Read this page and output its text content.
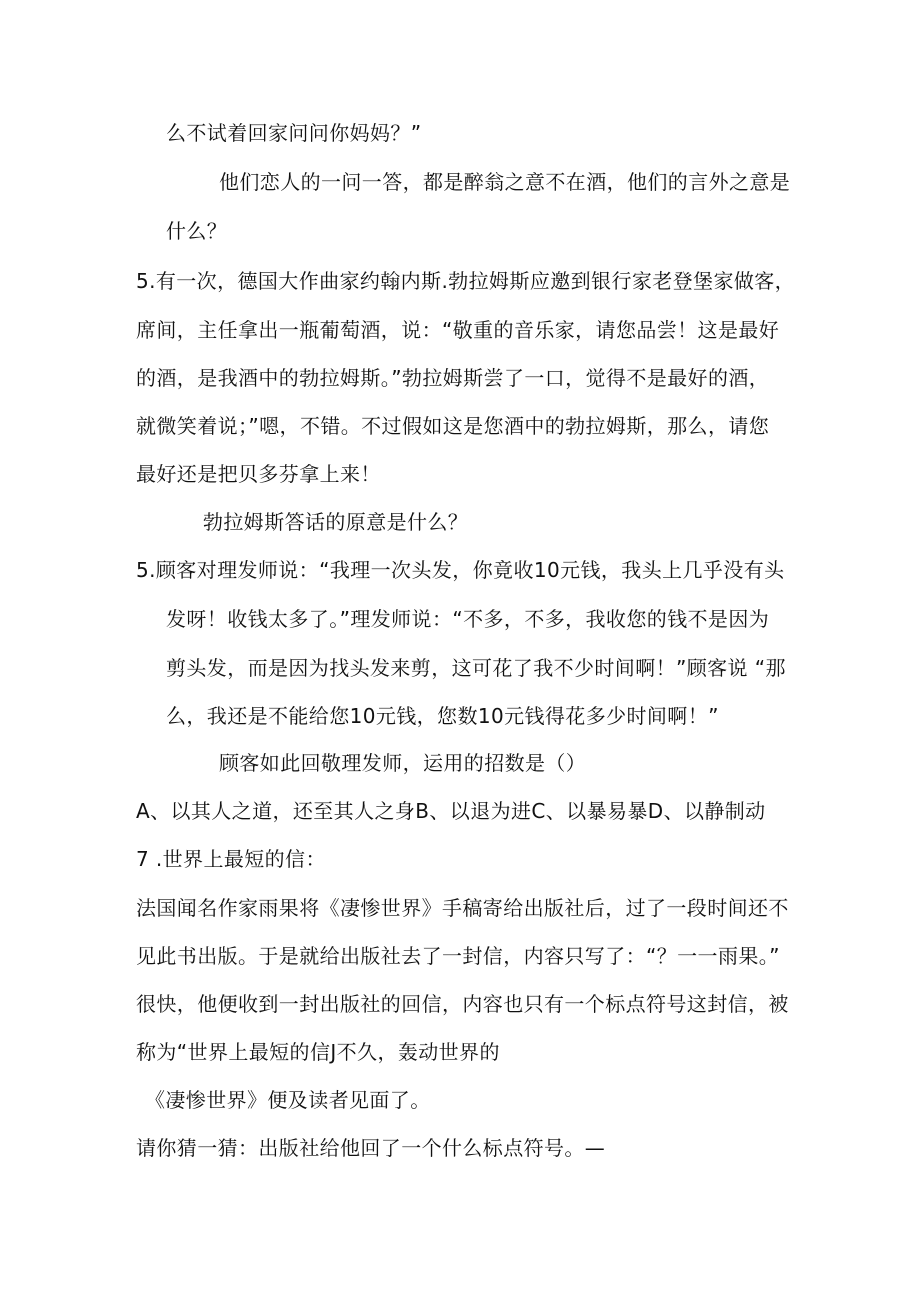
么不试着回家问问你妈妈？”
他们恋人的一问一答，都是醉翁之意不在酒，他们的言外之意是
什么？
5.有一次，德国大作曲家约翰内斯.勃拉姆斯应邀到银行家老登堡家做客，
席间，主任拿出一瓶葡萄酒，说：“敬重的音乐家，请您品尝！这是最好
的酒，是我酒中的勃拉姆斯。”勃拉姆斯尝了一口，觉得不是最好的酒，
就微笑着说；”嗯，不错。不过假如这是您酒中的勃拉姆斯，那么，请您
最好还是把贝多芬拿上来！
勃拉姆斯答话的原意是什么？
5.顾客对理发师说：“我理一次头发，你竟收10元钱，我头上几乎没有头
发呀！收钱太多了。”理发师说：“不多，不多，我收您的钱不是因为
剪头发，而是因为找头发来剪，这可花了我不少时间啊！”顾客说 “那
么，我还是不能给您10元钱，您数10元钱得花多少时间啊！”
顾客如此回敬理发师，运用的招数是（）
A、以其人之道，还至其人之身B、以退为进C、以暴易暴D、以静制动
7 .世界上最短的信：
法国闻名作家雨果将《凄惨世界》手稿寄给出版社后，过了一段时间还不
见此书出版。于是就给出版社去了一封信，内容只写了：“？一一雨果。”
很快，他便收到一封出版社的回信，内容也只有一个标点符号这封信，被
称为“世界上最短的信J不久，轰动世界的
《凄惨世界》便及读者见面了。
请你猜一猜：出版社给他回了一个什么标点符号。—
